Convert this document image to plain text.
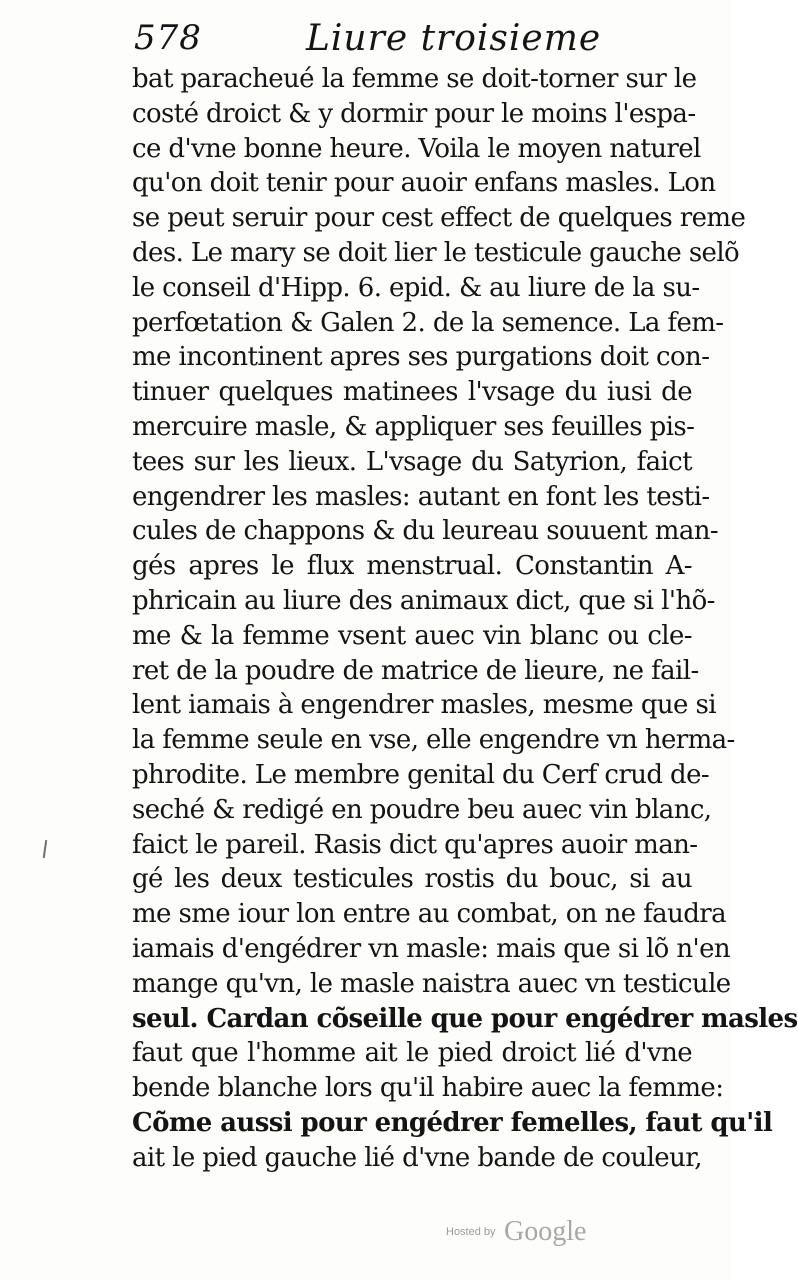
578	Liure troisieme
bat paracheué la femme se doit-torner sur le
costé droict & y dormir pour le moins l'espa-
ce d'vne bonne heure. Voila le moyen naturel
qu'on doit tenir pour auoir enfans masles. Lon
se peut seruir pour cest effect de quelques reme
des. Le mary se doit lier le testicule gauche selõ
le conseil d'Hipp. 6. epid. & au liure de la su-
perfœtation & Galen 2. de la semence. La fem-
me incontinent apres ses purgations doit con-
tinuer quelques matinees l'vsage du iusi de
mercuire masle, & appliquer ses feuilles pis-
tees sur les lieux. L'vsage du Satyrion, faict
engendrer les masles: autant en font les testi-
cules de chappons & du leureau souuent man-
gés apres le flux menstrual. Constantin A-
phricain au liure des animaux dict, que si l'hõ-
me & la femme vsent auec vin blanc ou cle-
ret de la poudre de matrice de lieure, ne fail-
lent iamais à engendrer masles, mesme que si
la femme seule en vse, elle engendre vn herma-
phrodite. Le membre genital du Cerf crud de-
seché & redigé en poudre beu auec vin blanc,
faict le pareil. Rasis dict qu'apres auoir man-
gé les deux testicules rostis du bouc, si au
me sme iour lon entre au combat, on ne faudra
iamais d'engédrer vn masle: mais que si lõ n'en
mange qu'vn, le masle naistra auec vn testicule
seul. Cardan cõseille que pour engédrer masles
faut que l'homme ait le pied droict lié d'vne
bende blanche lors qu'il habire auec la femme:
Cõme aussi pour engédrer femelles, faut qu'il
ait le pied gauche lié d'vne bande de couleur,
Hosted by Google
